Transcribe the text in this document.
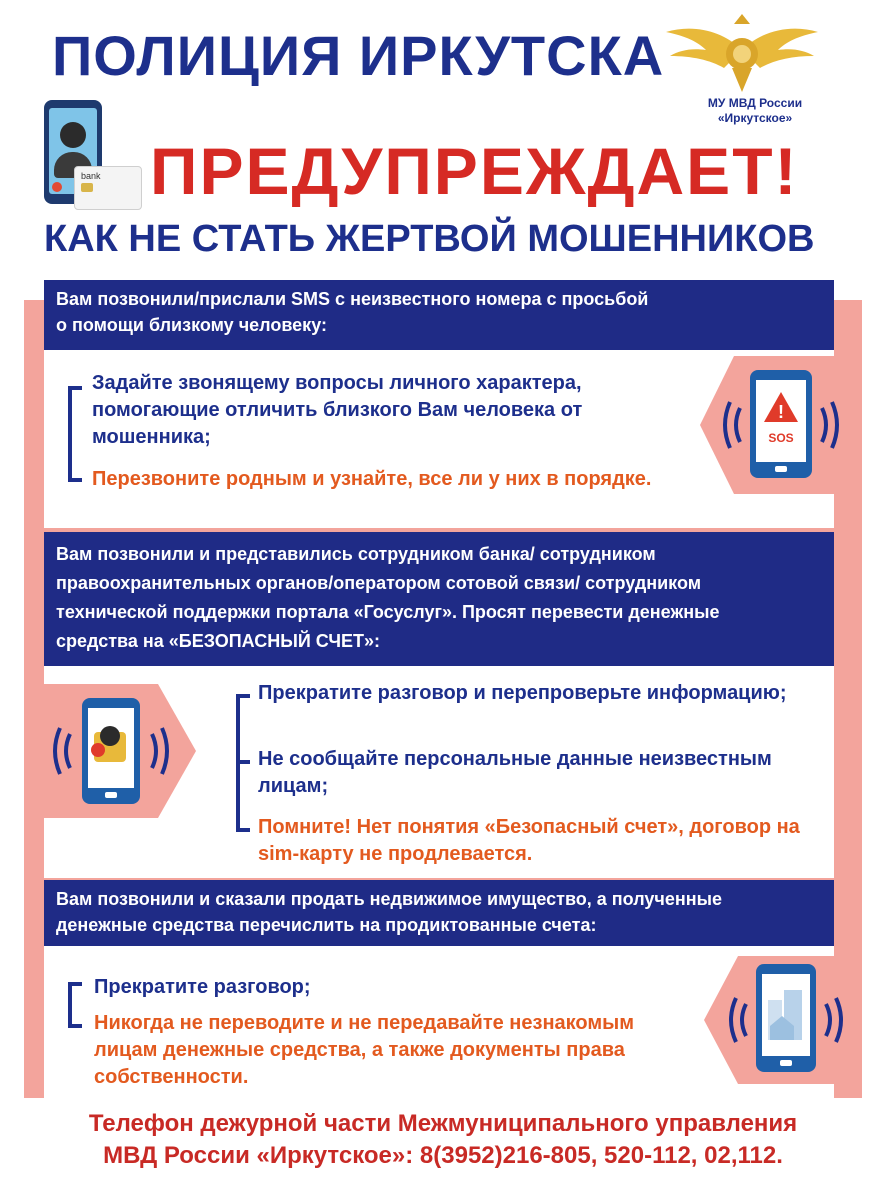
ПОЛИЦИЯ ИРКУТСКА
МУ МВД России
«Иркутское»
bank ПРЕДУПРЕЖДАЕТ!
КАК НЕ СТАТЬ ЖЕРТВОЙ МОШЕННИКОВ
Вам позвонили/прислали SMS с неизвестного номера с просьбой
о помощи близкому человеку:
Задайте звонящему вопросы личного характера, помогающие отличить близкого Вам человека от мошенника;
Перезвоните родным и узнайте, все ли у них в порядке.
!
SOS
Вам позвонили и представились сотрудником банка/ сотрудником
правоохранительных органов/оператором сотовой связи/ сотрудником
технической поддержки портала «Госуслуг». Просят перевести денежные
средства на «БЕЗОПАСНЫЙ СЧЕТ»:
Прекратите разговор и перепроверьте информацию;
Не сообщайте персональные данные неизвестным лицам;
Помните! Нет понятия «Безопасный счет», договор на sim-карту не продлевается.
Вам позвонили и сказали продать недвижимое имущество, а полученные
денежные средства перечислить на продиктованные счета:
Прекратите разговор;
Никогда не переводите и не передавайте незнакомым лицам денежные средства, а также документы права собственности.
Телефон дежурной части Межмуниципального управления
МВД России «Иркутское»: 8(3952)216-805, 520-112, 02,112.
